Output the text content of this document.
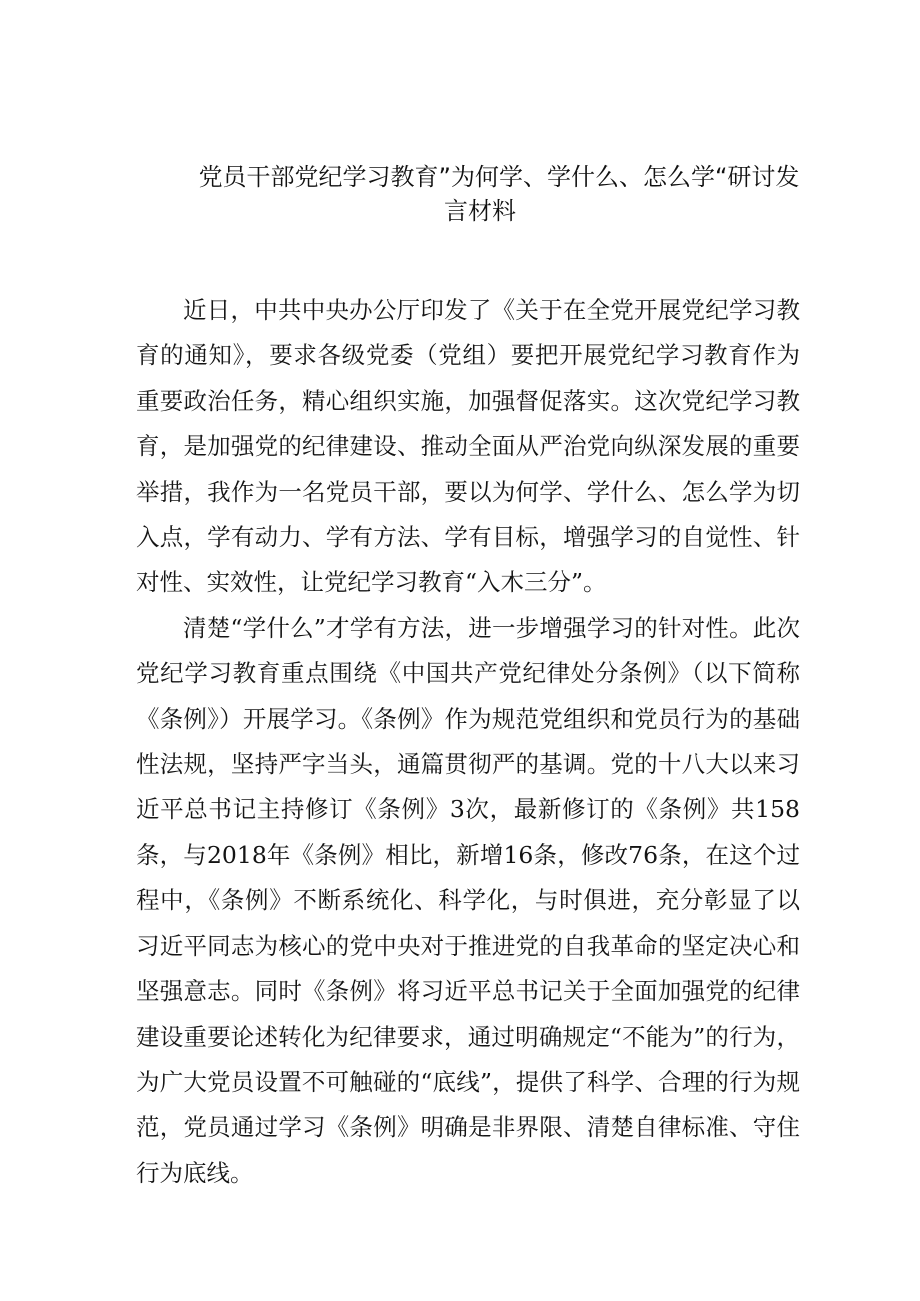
党员干部党纪学习教育”为何学、学什么、怎么学“研讨发
言材料

近日，中共中央办公厅印发了《关于在全党开展党纪学习教育的通知》，要求各级党委（党组）要把开展党纪学习教育作为重要政治任务，精心组织实施，加强督促落实。这次党纪学习教育，是加强党的纪律建设、推动全面从严治党向纵深发展的重要举措，我作为一名党员干部，要以为何学、学什么、怎么学为切入点，学有动力、学有方法、学有目标，增强学习的自觉性、针对性、实效性，让党纪学习教育“入木三分”。

清楚“学什么”才学有方法，进一步增强学习的针对性。此次党纪学习教育重点围绕《中国共产党纪律处分条例》（以下简称《条例》）开展学习。《条例》作为规范党组织和党员行为的基础性法规，坚持严字当头，通篇贯彻严的基调。党的十八大以来习近平总书记主持修订《条例》3次，最新修订的《条例》共158条，与2018年《条例》相比，新增16条，修改76条，在这个过程中，《条例》不断系统化、科学化，与时俱进，充分彰显了以习近平同志为核心的党中央对于推进党的自我革命的坚定决心和坚强意志。同时《条例》将习近平总书记关于全面加强党的纪律建设重要论述转化为纪律要求，通过明确规定“不能为”的行为，为广大党员设置不可触碰的“底线”，提供了科学、合理的行为规范，党员通过学习《条例》明确是非界限、清楚自律标准、守住行为底线。
